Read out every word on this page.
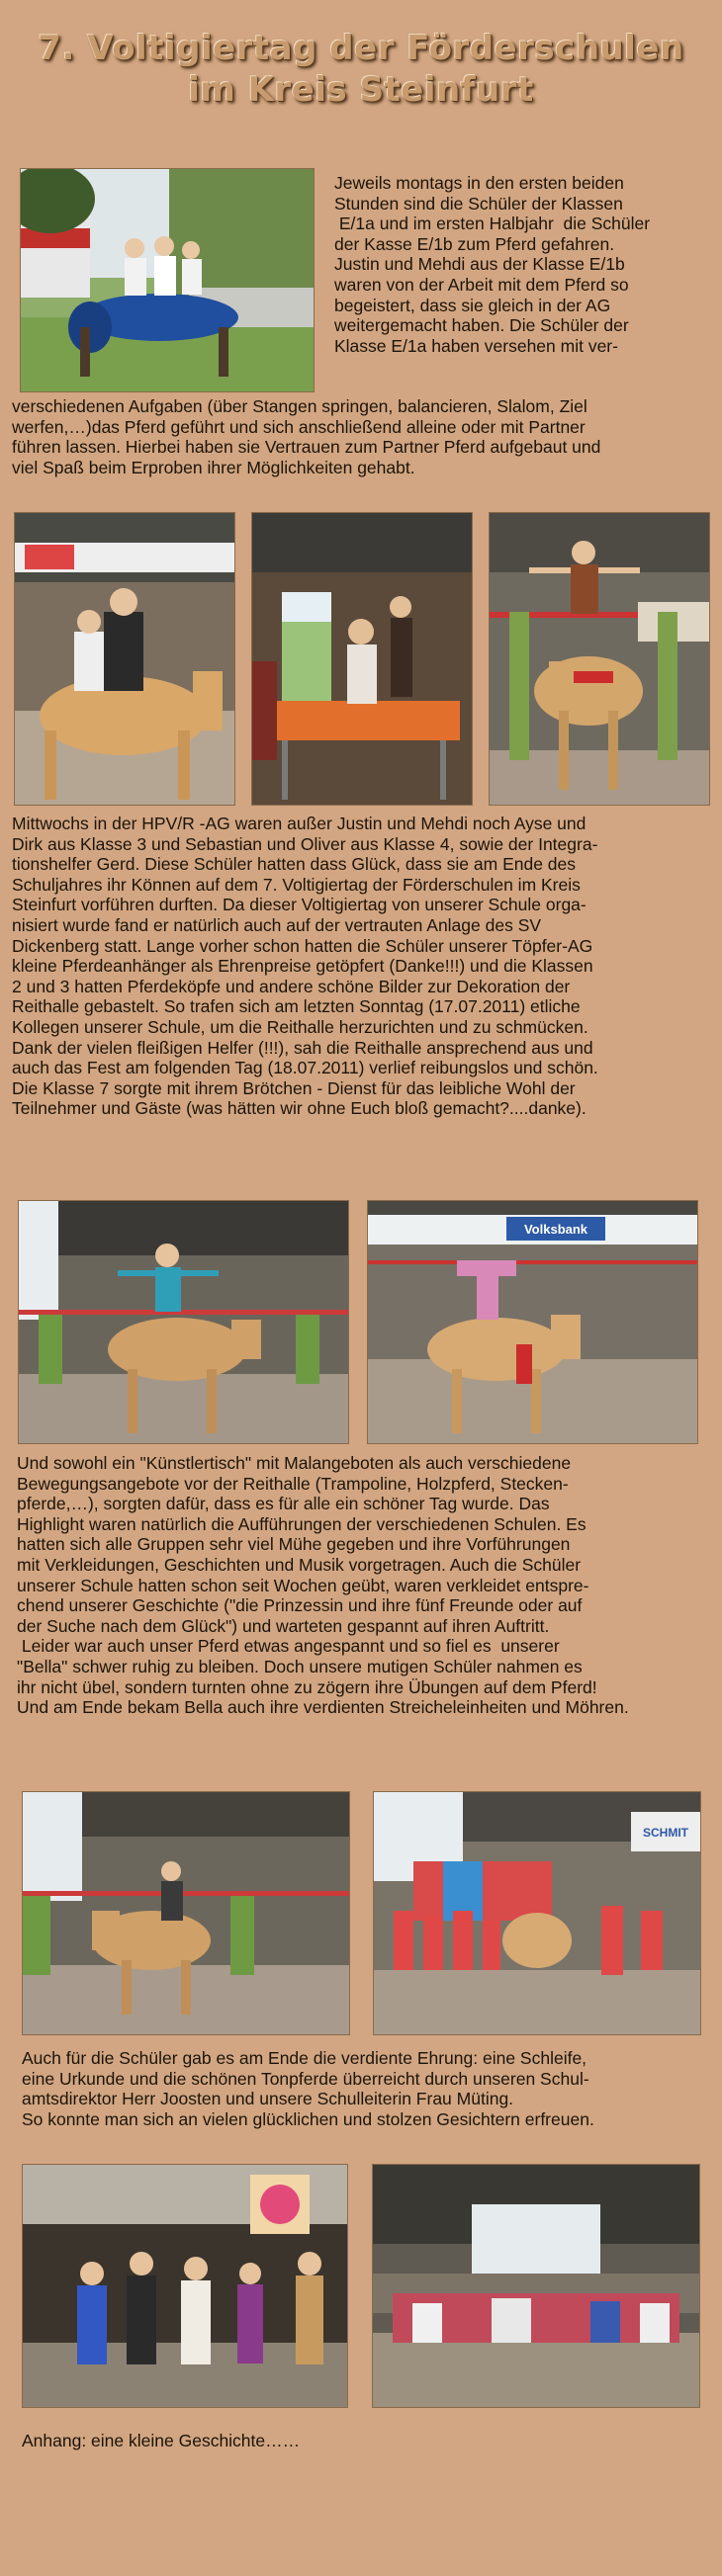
7. Voltigiertag der Förderschulen
im Kreis Steinfurt

Jeweils montags in den ersten beiden

Stunden sind die Schüler der Klassen

E/1a und im ersten Halbjahr  die Schüler

der Kasse E/1b zum Pferd gefahren.

Justin und Mehdi aus der Klasse E/1b

waren von der Arbeit mit dem Pferd so

begeistert, dass sie gleich in der AG

weitergemacht haben. Die Schüler der

Klasse E/1a haben versehen mit ver-

verschiedenen Aufgaben (über Stangen springen, balancieren, Slalom, Ziel

werfen,…)das Pferd geführt und sich anschließend alleine oder mit Partner

führen lassen. Hierbei haben sie Vertrauen zum Partner Pferd aufgebaut und

viel Spaß beim Erproben ihrer Möglichkeiten gehabt.

Mittwochs in der HPV/R -AG waren außer Justin und Mehdi noch Ayse und

Dirk aus Klasse 3 und Sebastian und Oliver aus Klasse 4, sowie der Integra-

tionshelfer Gerd. Diese Schüler hatten dass Glück, dass sie am Ende des

Schuljahres ihr Können auf dem 7. Voltigiertag der Förderschulen im Kreis

Steinfurt vorführen durften. Da dieser Voltigiertag von unserer Schule orga-

nisiert wurde fand er natürlich auch auf der vertrauten Anlage des SV

Dickenberg statt. Lange vorher schon hatten die Schüler unserer Töpfer-AG

kleine Pferdeanhänger als Ehrenpreise getöpfert (Danke!!!) und die Klassen

2 und 3 hatten Pferdeköpfe und andere schöne Bilder zur Dekoration der

Reithalle gebastelt. So trafen sich am letzten Sonntag (17.07.2011) etliche

Kollegen unserer Schule, um die Reithalle herzurichten und zu schmücken.

Dank der vielen fleißigen Helfer (!!!), sah die Reithalle ansprechend aus und

auch das Fest am folgenden Tag (18.07.2011) verlief reibungslos und schön.

Die Klasse 7 sorgte mit ihrem Brötchen - Dienst für das leibliche Wohl der

Teilnehmer und Gäste (was hätten wir ohne Euch bloß gemacht?....danke).

Volksbank

Und sowohl ein "Künstlertisch" mit Malangeboten als auch verschiedene

Bewegungsangebote vor der Reithalle (Trampoline, Holzpferd, Stecken-

pferde,…), sorgten dafür, dass es für alle ein schöner Tag wurde. Das

Highlight waren natürlich die Aufführungen der verschiedenen Schulen. Es

hatten sich alle Gruppen sehr viel Mühe gegeben und ihre Vorführungen

mit Verkleidungen, Geschichten und Musik vorgetragen. Auch die Schüler

unserer Schule hatten schon seit Wochen geübt, waren verkleidet entspre-

chend unserer Geschichte ("die Prinzessin und ihre fünf Freunde oder auf

der Suche nach dem Glück") und warteten gespannt auf ihren Auftritt.

Leider war auch unser Pferd etwas angespannt und so fiel es  unserer

"Bella" schwer ruhig zu bleiben. Doch unsere mutigen Schüler nahmen es

ihr nicht übel, sondern turnten ohne zu zögern ihre Übungen auf dem Pferd!

Und am Ende bekam Bella auch ihre verdienten Streicheleinheiten und Möhren.

SCHMIT

Auch für die Schüler gab es am Ende die verdiente Ehrung: eine Schleife,

eine Urkunde und die schönen Tonpferde überreicht durch unseren Schul-

amtsdirektor Herr Joosten und unsere Schulleiterin Frau Müting.

So konnte man sich an vielen glücklichen und stolzen Gesichtern erfreuen.

Anhang: eine kleine Geschichte……
